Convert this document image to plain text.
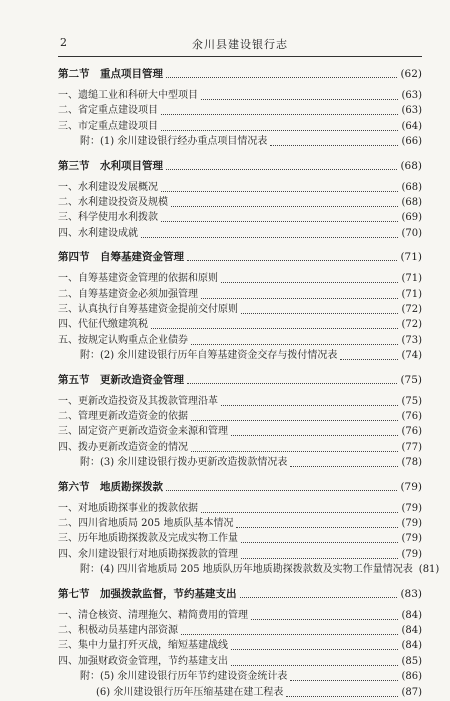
2	氽川县建设银行志
第二节　重点项目管理	(62)
一、遗缒工业和科研大中型项目	(63)
二、省定重点建设项目	(63)
三、市定重点建设项目	(64)
附：(1) 氽川建设银行经办重点项目情况表	(66)
第三节　水利项目管理	(68)
一、水利建设发展概况	(68)
二、水利建设投资及规模	(68)
三、科学使用水利拨款	(69)
四、水利建设成就	(70)
第四节　自筹基建资金管理	(71)
一、自筹基建资金管理的依据和原则	(71)
二、自筹基建资金必须加强管理	(71)
三、认真执行自筹基建资金提前交付原则	(72)
四、代征代缴建筑税	(72)
五、按规定认购重点企业债券	(73)
附：(2) 氽川建设银行历年自筹基建资金交存与拨付情况表	(74)
第五节　更新改造资金管理	(75)
一、更新改造投资及其拨款管理沿革	(75)
二、管理更新改造资金的依据	(76)
三、固定资产更新改造资金来源和管理	(76)
四、拨办更新改造资金的情况	(77)
附：(3) 氽川建设银行拨办更新改造拨款情况表	(78)
第六节　地质勘探拨款	(79)
一、对地质勘探事业的拨款依据	(79)
二、四川省地质局 205 地质队基本情况	(79)
三、历年地质勘探拨款及完成实物工作量	(79)
四、氽川建设银行对地质勘探拨款的管理	(79)
附：(4) 四川省地质局 205 地质队历年地质勘探拨款数及实物工作量情况表 (81)
第七节　加强拨款监督，节约基建支出	(83)
一、清仓核资、清理拖欠、精简费用的管理	(84)
二、积极动员基建内部资源	(84)
三、集中力量打歼灭战，缩短基建战线	(84)
四、加强财政资金管理，节约基建支出	(85)
附：(5) 氽川建设银行历年节约建设资金统计表	(86)
(6) 氽川建设银行历年压缩基建在建工程表	(87)
